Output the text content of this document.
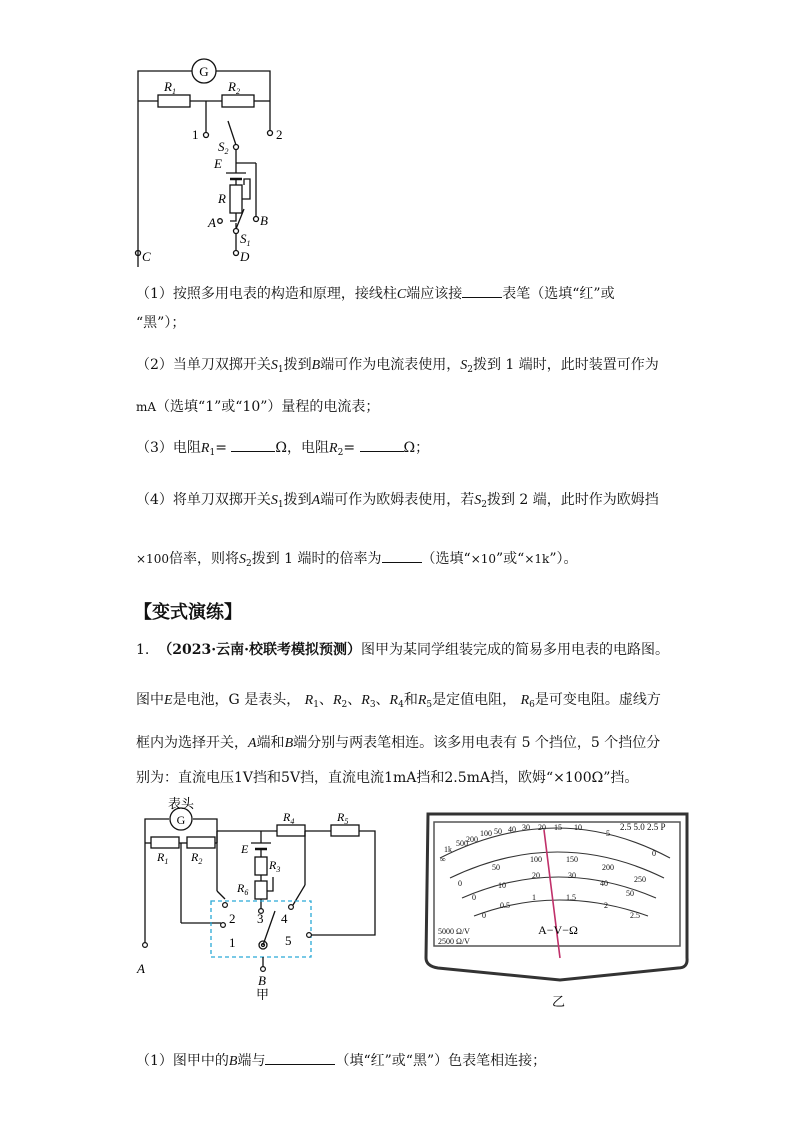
G
$R_1$	$R_2$
1	2
$S_2$
E
R
A	B
$S_1$
C	D
（1）按照多用电表的构造和原理，接线柱C端应该接	表笔（选填“红”或
“黑”）；
（2）当单刀双掷开关$S_1$拨到B端可作为电流表使用，$S_2$拨到 1 端时，此时装置可作为
mA（选填“1”或“10”）量程的电流表；
（3）电阻$R_1=$	Ω，电阻$R_2=$	Ω；
（4）将单刀双掷开关$S_1$拨到A端可作为欧姆表使用，若$S_2$拨到 2 端，此时作为欧姆挡
×100倍率，则将$S_2$拨到 1 端时的倍率为	（选填“×10”或“×1k”）。
【变式演练】
1. （2023·云南·校联考模拟预测）图甲为某同学组装完成的简易多用电表的电路图。
图中E是电池，G 是表头， $R_1$、$R_2$、$R_3$、$R_4$和$R_5$是定值电阻， $R_6$是可变电阻。虚线方
框内为选择开关，A端和B端分别与两表笔相连。该多用电表有 5 个挡位，5 个挡位分
别为：直流电压1V挡和5V挡，直流电流1mA挡和2.5mA挡，欧姆“×100Ω”挡。
表头
G
$R_1$ $R_2$
$R_4$	$R_5$
E
$R_3$
$R_6$
2 3 4
1	5
A
B
甲
∞
1k
500
200
100 50 40 30 20 15 10
5
0
2.5 5.0 2.5 P
0
50
100	150
200
250
0
10
20	30
40
50
0
0.5
1	1.5
2
2.5
5000 Ω/V
2500 Ω/V
A−V−Ω
乙
（1）图甲中的B端与	（填“红”或“黑”）色表笔相连接；
